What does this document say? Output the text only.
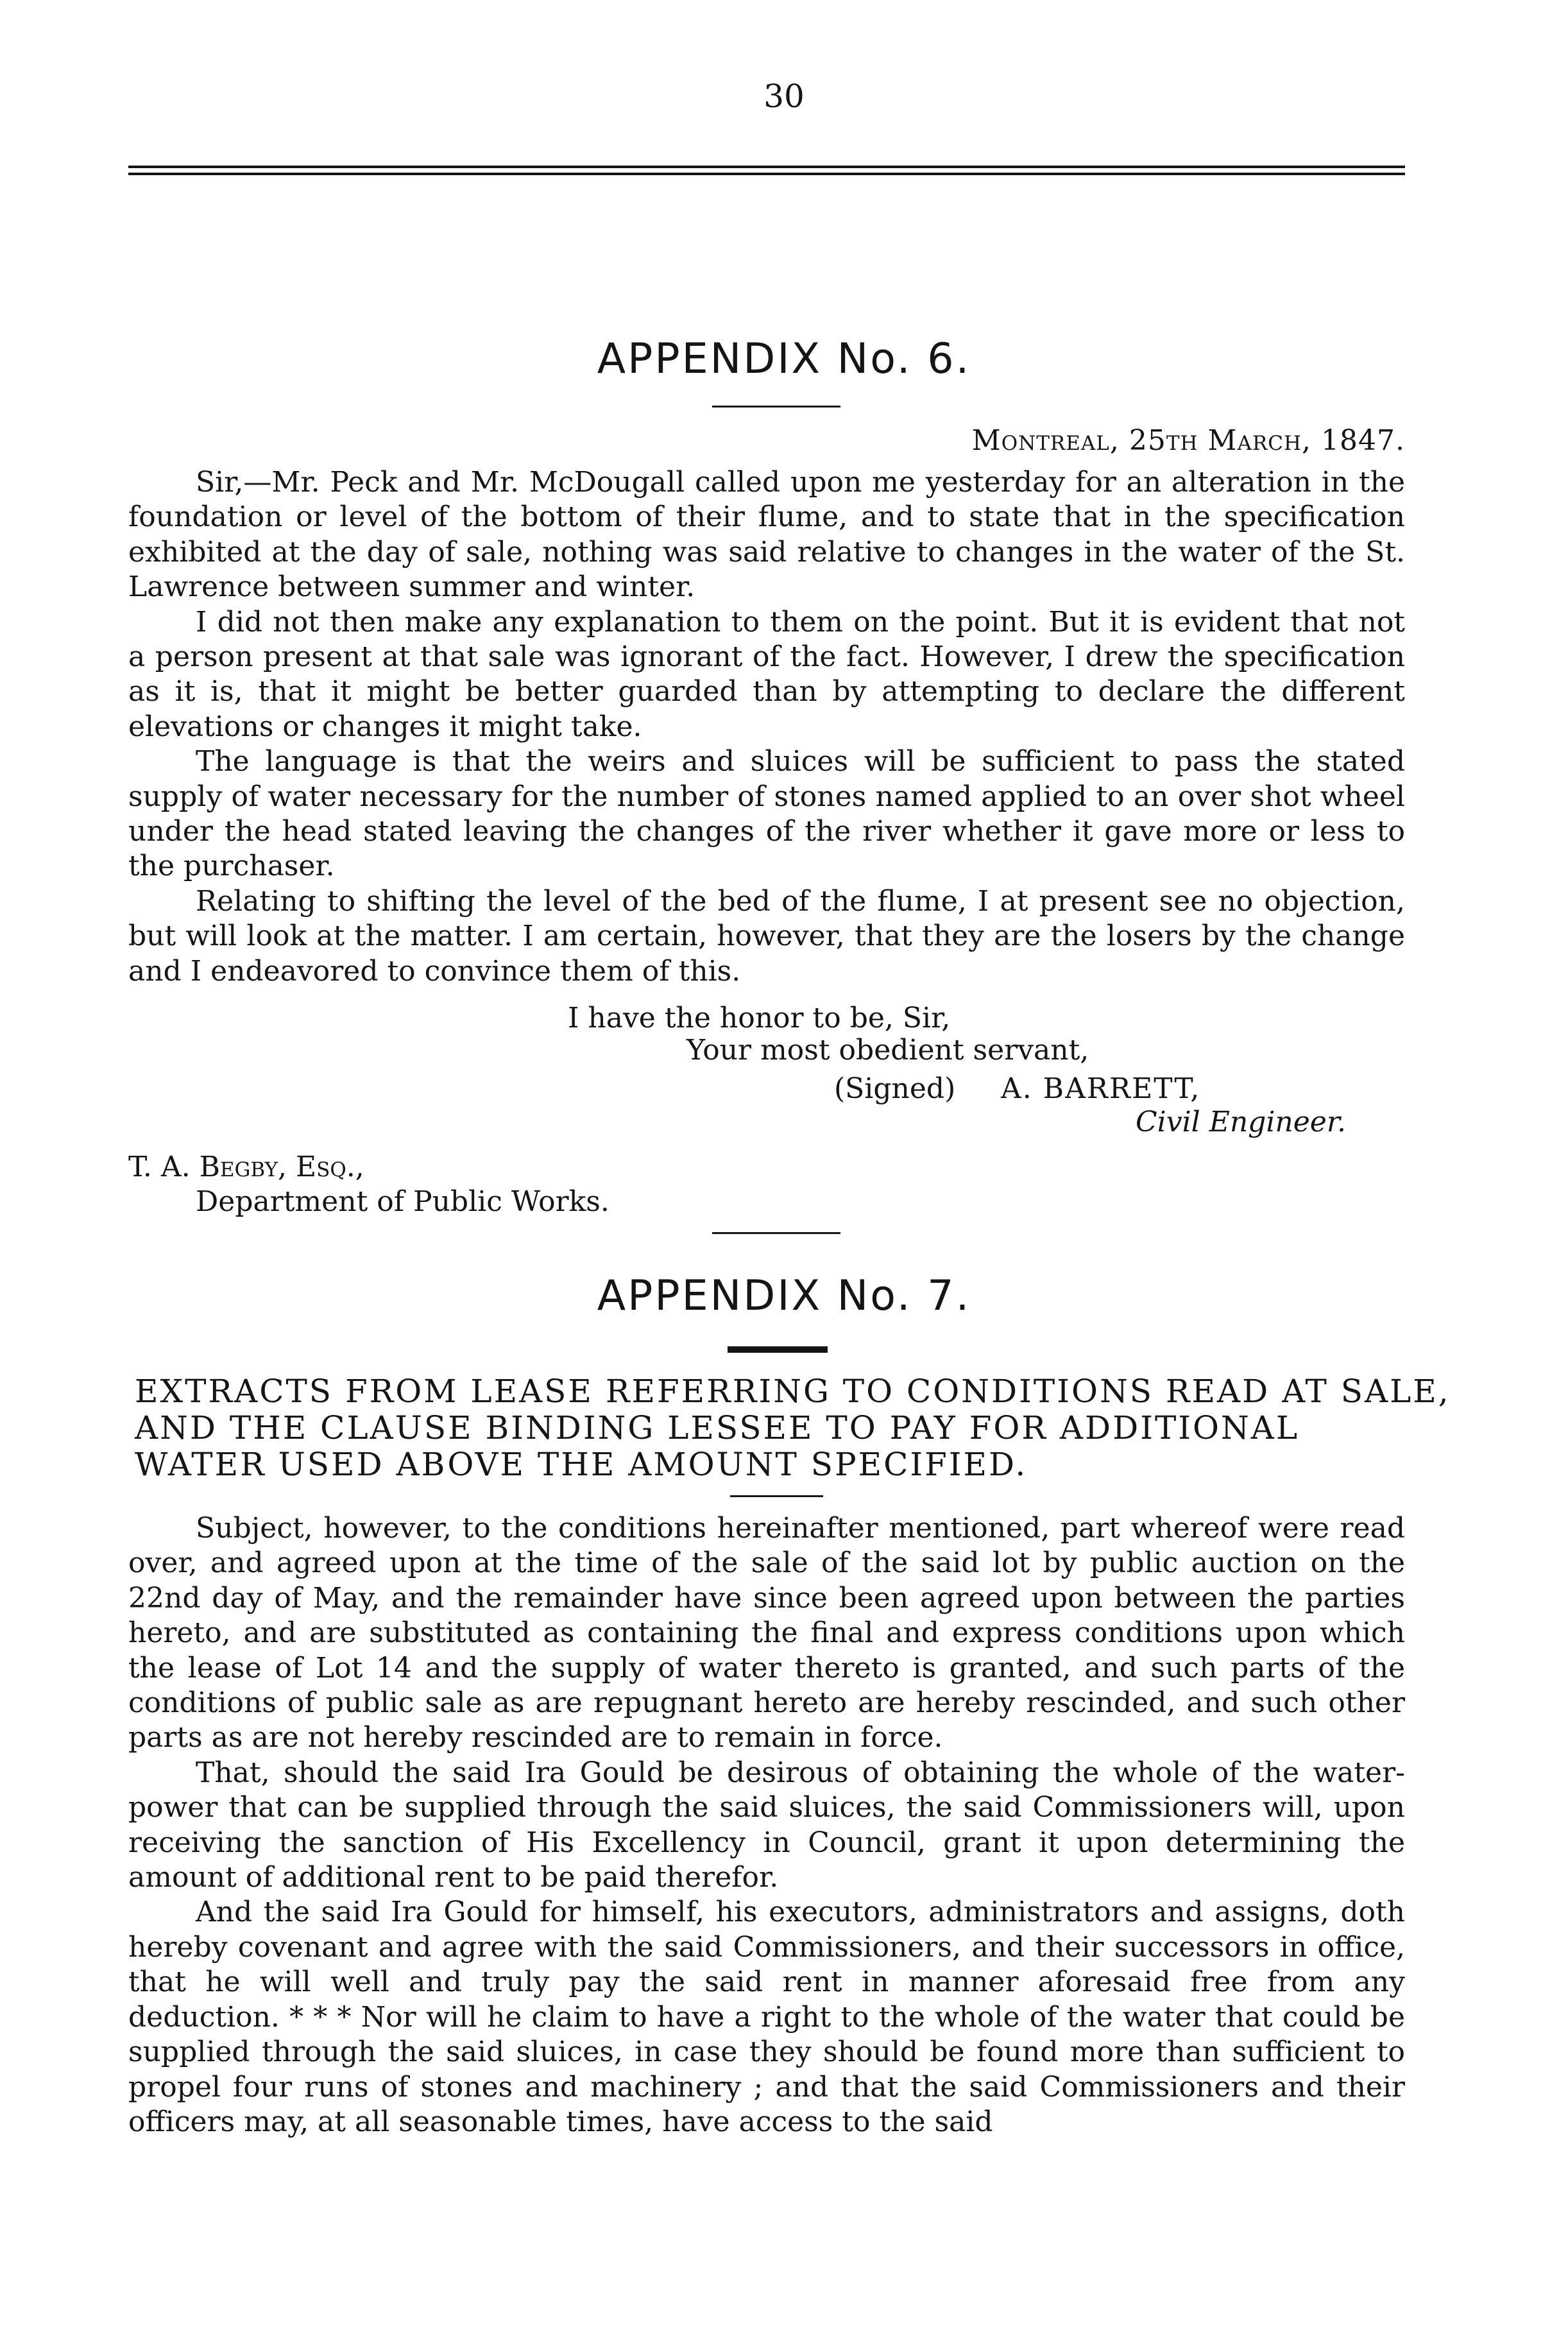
30
APPENDIX No. 6.
Montreal, 25th March, 1847.

Sir,—Mr. Peck and Mr. McDougall called upon me yesterday for an alteration in the foundation or level of the bottom of their flume, and to state that in the specification exhibited at the day of sale, nothing was said relative to changes in the water of the St. Lawrence between summer and winter.

I did not then make any explanation to them on the point. But it is evident that not a person present at that sale was ignorant of the fact. However, I drew the specification as it is, that it might be better guarded than by attempting to declare the different elevations or changes it might take.

The language is that the weirs and sluices will be sufficient to pass the stated supply of water necessary for the number of stones named applied to an over shot wheel under the head stated leaving the changes of the river whether it gave more or less to the purchaser.

Relating to shifting the level of the bed of the flume, I at present see no objection, but will look at the matter. I am certain, however, that they are the losers by the change and I endeavored to convince them of this.

I have the honor to be, Sir,
Your most obedient servant,
(Signed) A. BARRETT,
Civil Engineer.
T. A. Begby, Esq.,
Department of Public Works.
APPENDIX No. 7.
EXTRACTS FROM LEASE REFERRING TO CONDITIONS READ AT SALE,
AND THE CLAUSE BINDING LESSEE TO PAY FOR ADDITIONAL
WATER USED ABOVE THE AMOUNT SPECIFIED.

Subject, however, to the conditions hereinafter mentioned, part whereof were read over, and agreed upon at the time of the sale of the said lot by public auction on the 22nd day of May, and the remainder have since been agreed upon between the parties hereto, and are substituted as containing the final and express conditions upon which the lease of Lot 14 and the supply of water thereto is granted, and such parts of the conditions of public sale as are repugnant hereto are hereby rescinded, and such other parts as are not hereby rescinded are to remain in force.

That, should the said Ira Gould be desirous of obtaining the whole of the water-power that can be supplied through the said sluices, the said Commissioners will, upon receiving the sanction of His Excellency in Council, grant it upon determining the amount of additional rent to be paid therefor.

And the said Ira Gould for himself, his executors, administrators and assigns, doth hereby covenant and agree with the said Commissioners, and their successors in office, that he will well and truly pay the said rent in manner aforesaid free from any deduction. * * * Nor will he claim to have a right to the whole of the water that could be supplied through the said sluices, in case they should be found more than sufficient to propel four runs of stones and machinery ; and that the said Commissioners and their officers may, at all seasonable times, have access to the said
